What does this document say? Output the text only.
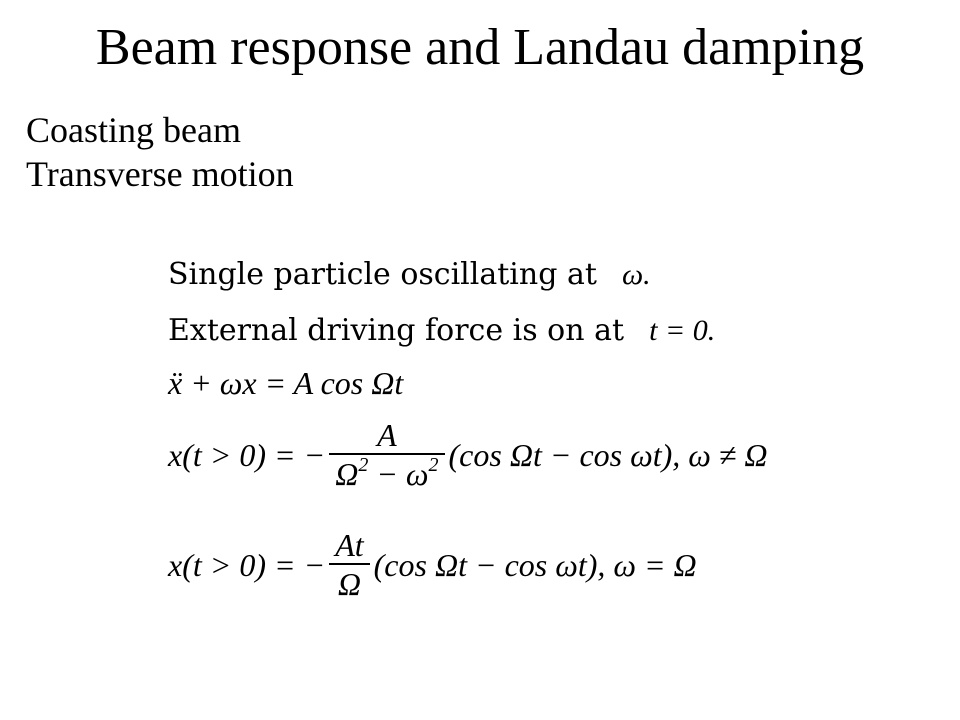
Beam response and Landau damping
Coasting beam
Transverse motion
Single particle oscillating at ω.
External driving force is on at t = 0.
ẍ + ωx = A cos Ωt
x(t > 0) = − $\frac{A}{\Omega^2 - \omega^2} (\cos$ Ωt − cos ωt), ω ≠ Ω
x(t > 0) = − $\frac{At}{\Omega} (\cos$ Ωt − cos ωt), ω = Ω
